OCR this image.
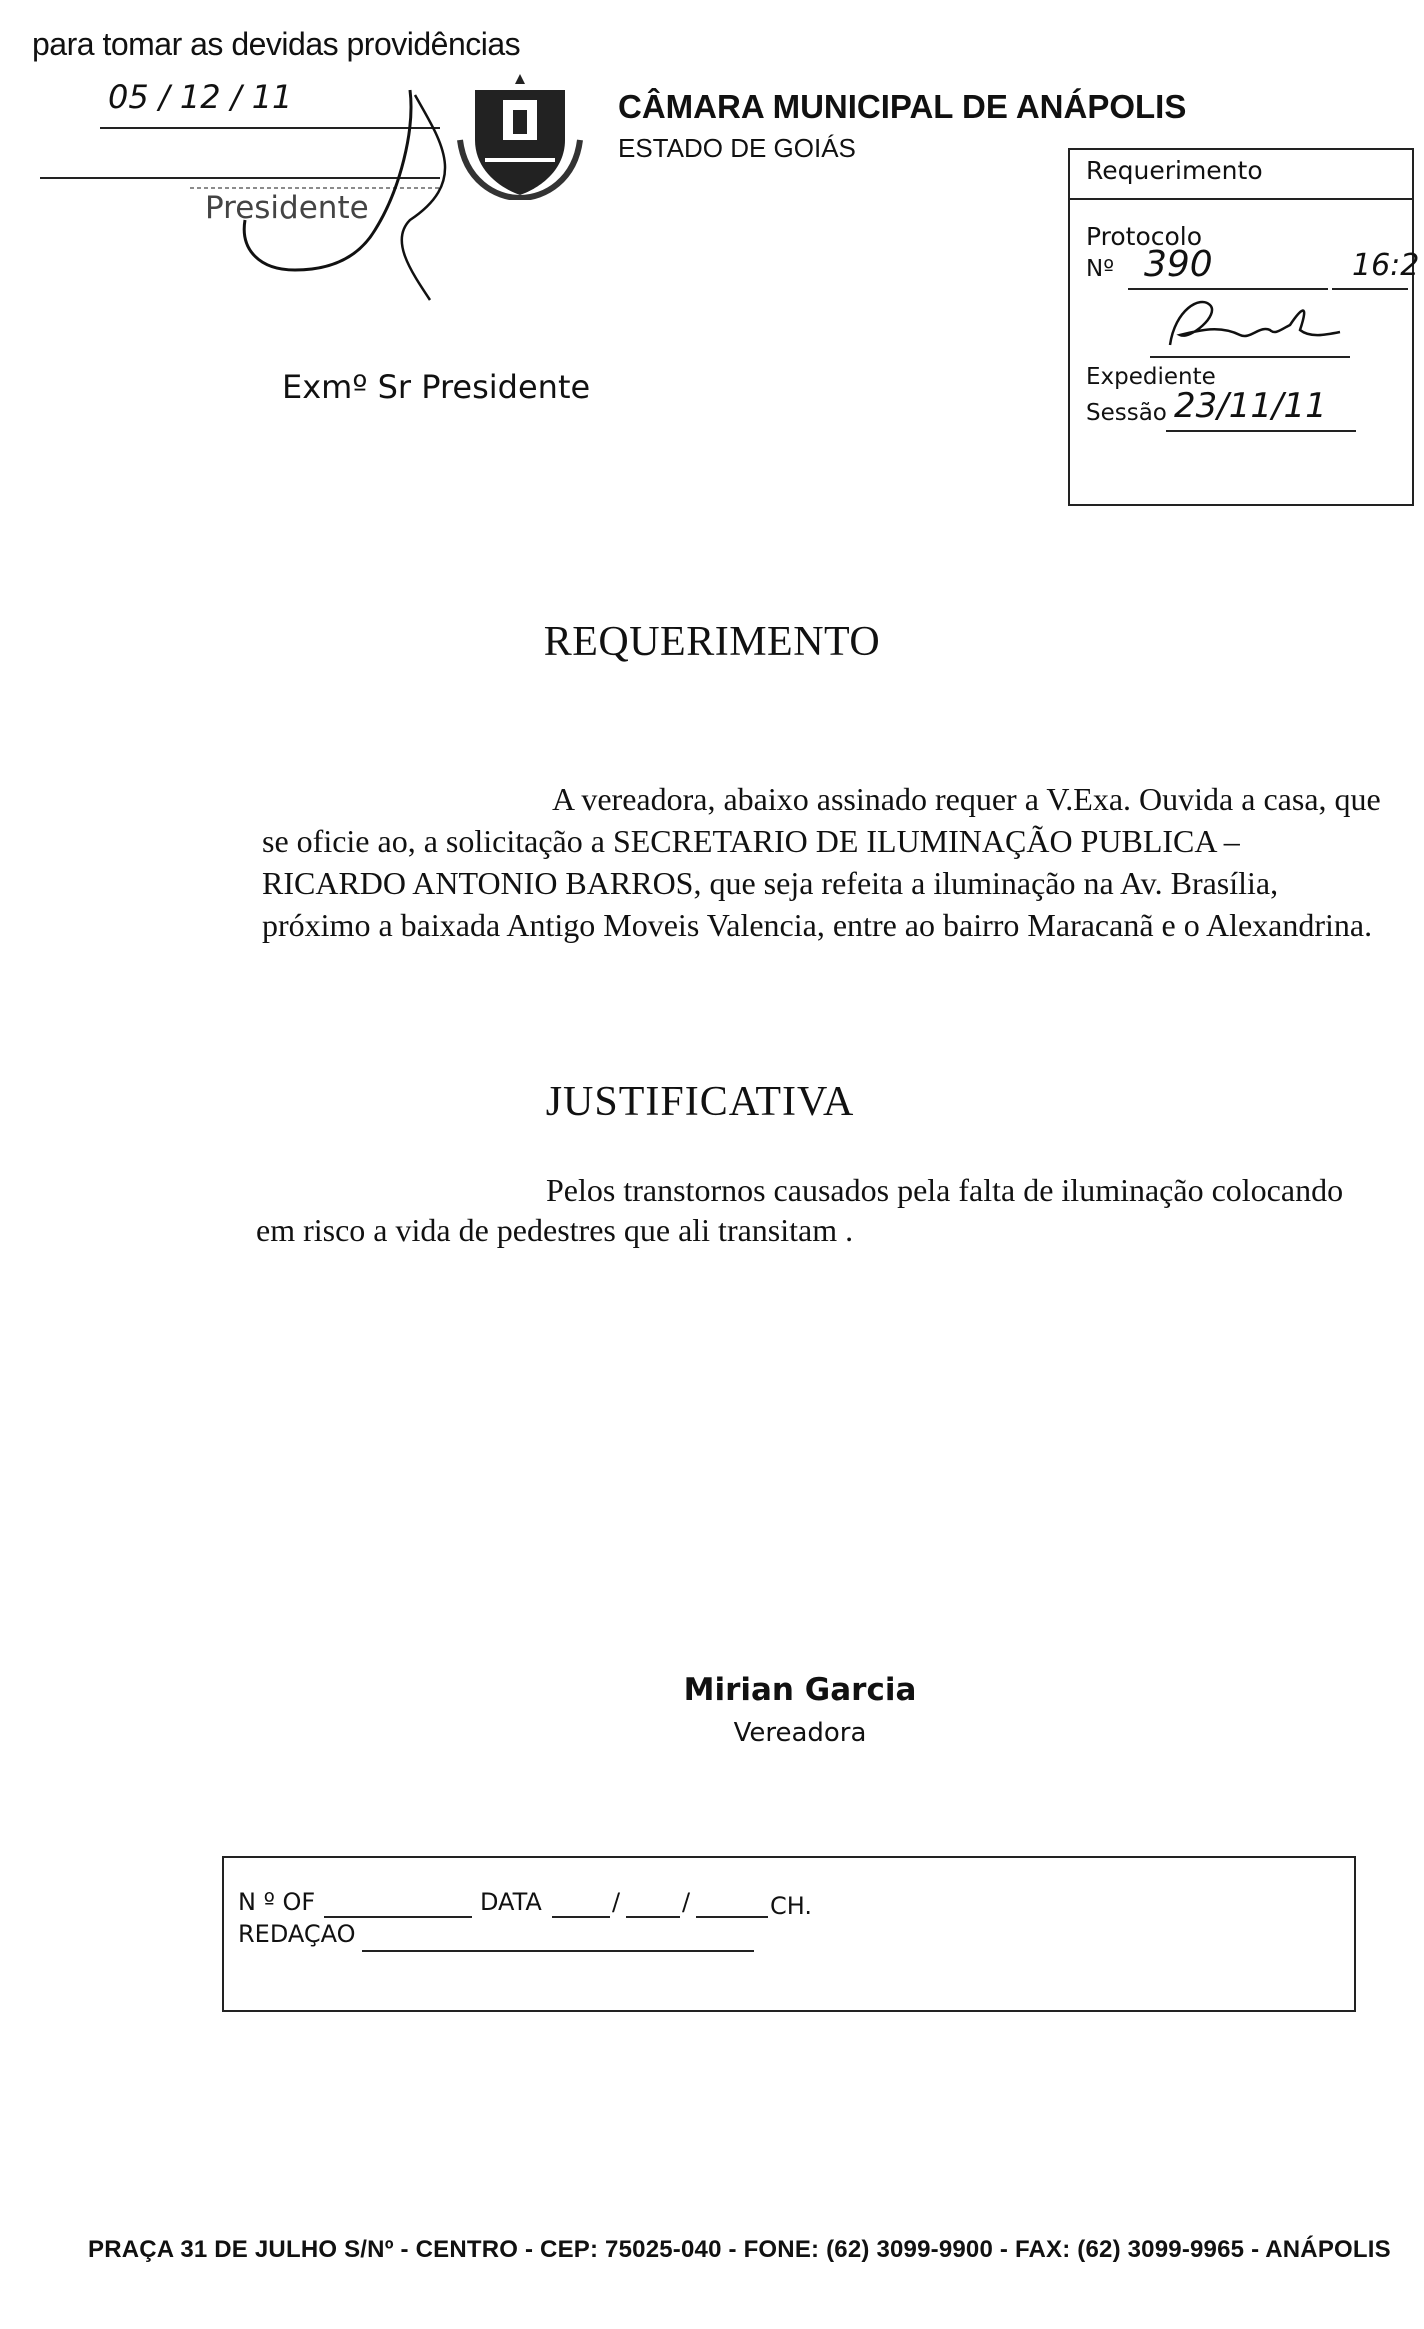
para tomar as devidas providências
05 / 12 / 11
Presidente
CÂMARA MUNICIPAL DE ANÁPOLIS
ESTADO DE GOIÁS
Requerimento
Protocolo
Nº 390	16:2
Expediente
Sessão 23/11/11
Exmº Sr Presidente
REQUERIMENTO
A vereadora, abaixo assinado requer a V.Exa. Ouvida a casa, que se oficie ao, a solicitação a SECRETARIO DE ILUMINAÇÃO PUBLICA – RICARDO ANTONIO BARROS, que seja refeita a iluminação na Av. Brasília, próximo a baixada Antigo Moveis Valencia, entre ao bairro Maracanã e o Alexandrina.
JUSTIFICATIVA
Pelos transtornos causados pela falta de iluminação colocando em risco a vida de pedestres que ali transitam .
Mirian Garcia
Vereadora
N º OF	DATA	/	/	CH.
REDAÇAO
PRAÇA 31 DE JULHO S/Nº - CENTRO - CEP: 75025-040 - FONE: (62) 3099-9900 - FAX: (62) 3099-9965 - ANÁPOLIS
